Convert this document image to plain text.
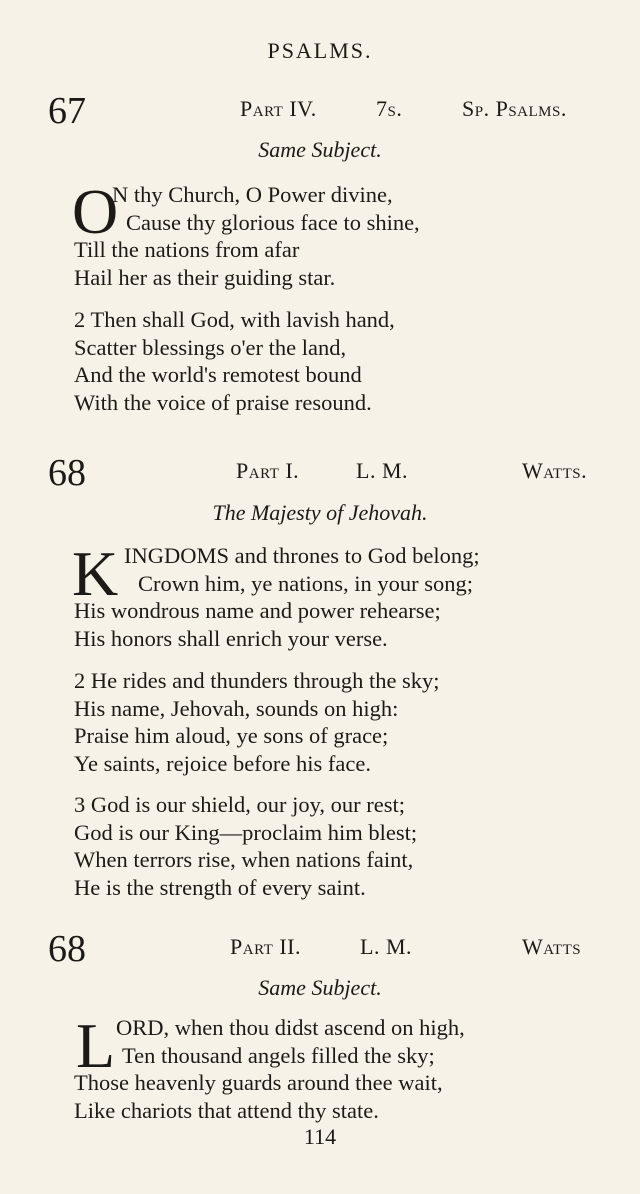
PSALMS.
67	Part IV.	7s.	Sp. Psalms.
Same Subject.
O
N thy Church, O Power divine,
Cause thy glorious face to shine,
Till the nations from afar
Hail her as their guiding star.
2 Then shall God, with lavish hand,
Scatter blessings o'er the land,
And the world's remotest bound
With the voice of praise resound.
68	Part I.	L. M.	Watts.
The Majesty of Jehovah.
K INGDOMS and thrones to God belong;
Crown him, ye nations, in your song;
His wondrous name and power rehearse;
His honors shall enrich your verse.
2 He rides and thunders through the sky;
His name, Jehovah, sounds on high:
Praise him aloud, ye sons of grace;
Ye saints, rejoice before his face.
3 God is our shield, our joy, our rest;
God is our King—proclaim him blest;
When terrors rise, when nations faint,
He is the strength of every saint.
68	Part II.	L. M.	Watts
Same Subject.
L ORD, when thou didst ascend on high,
Ten thousand angels filled the sky;
Those heavenly guards around thee wait,
Like chariots that attend thy state.
114
